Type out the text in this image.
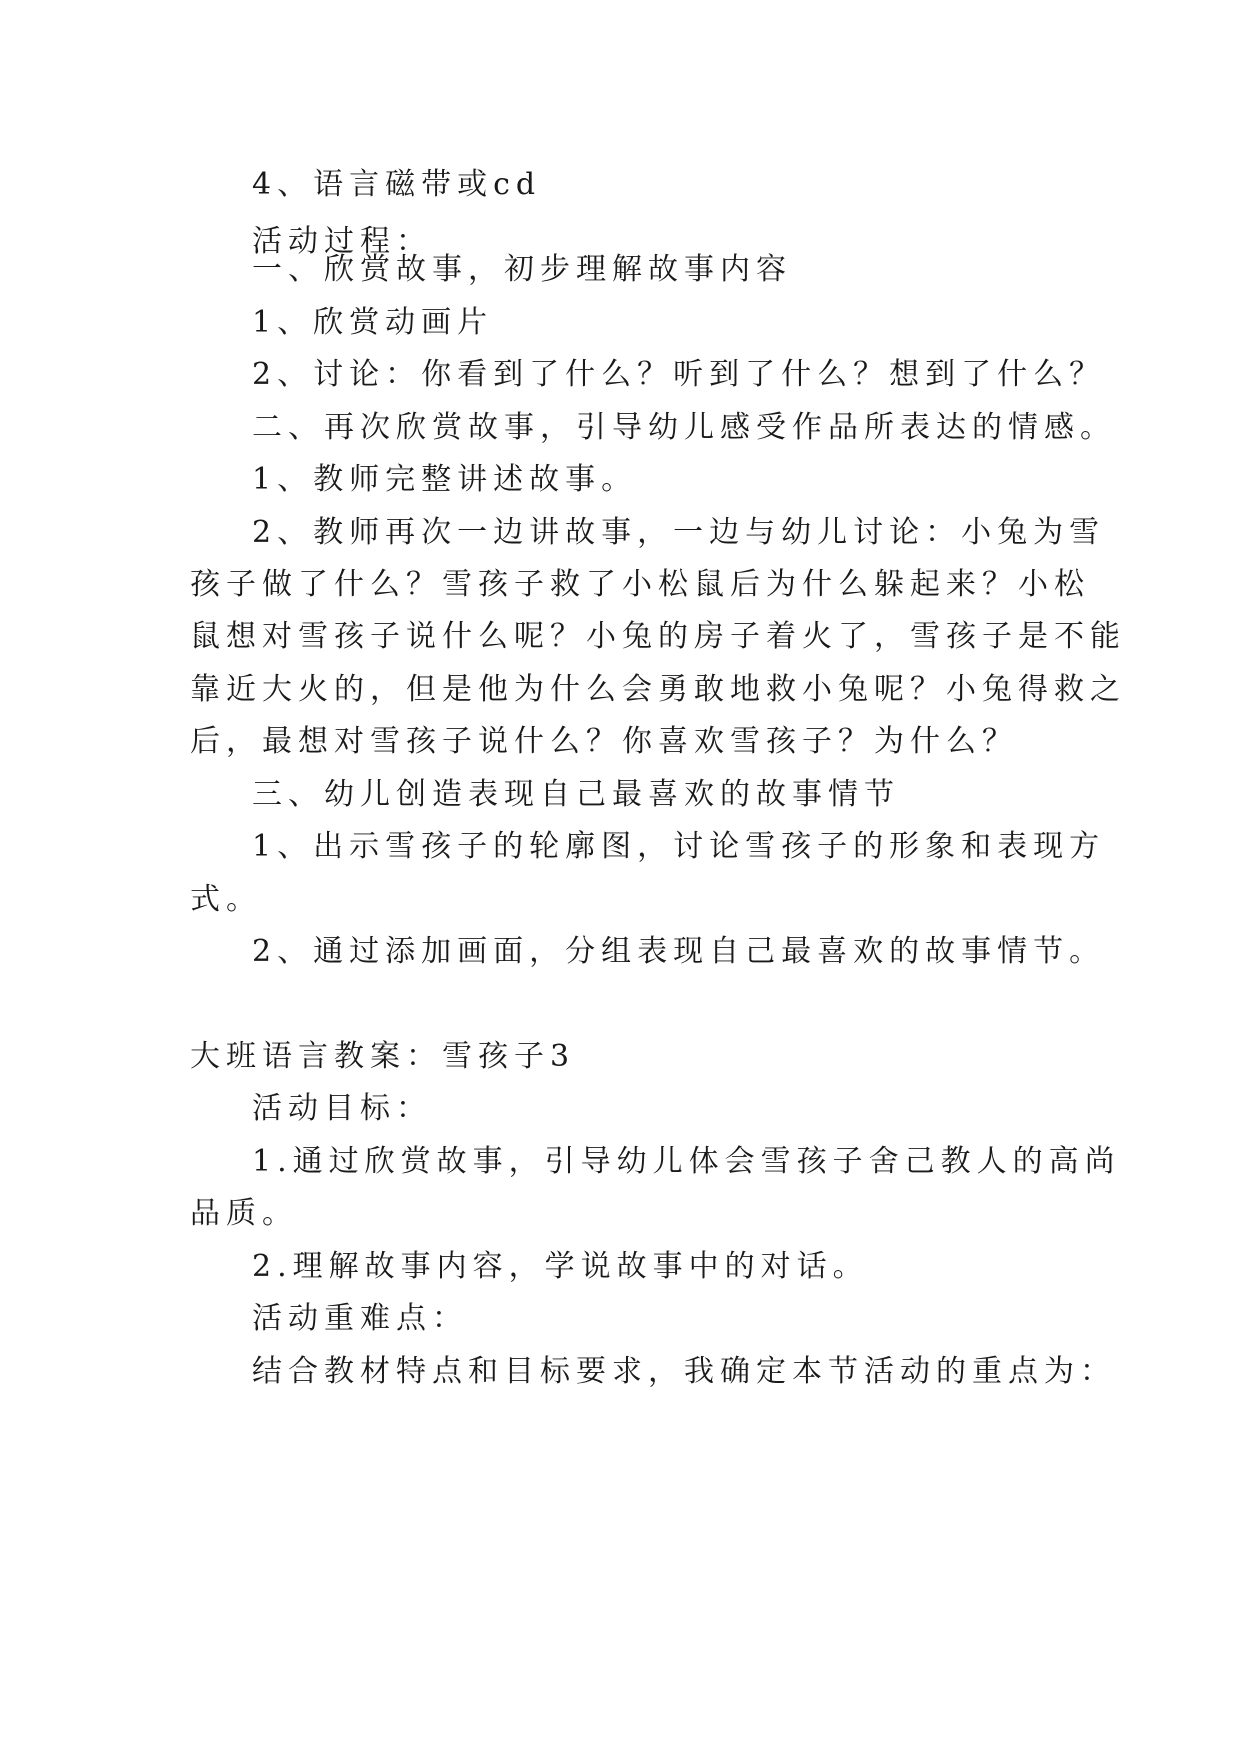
4、语言磁带或cd
活动过程：
一、欣赏故事，初步理解故事内容
1、欣赏动画片
2、讨论：你看到了什么？听到了什么？想到了什么？
二、再次欣赏故事，引导幼儿感受作品所表达的情感。
1、教师完整讲述故事。
2、教师再次一边讲故事，一边与幼儿讨论：小兔为雪
孩子做了什么？雪孩子救了小松鼠后为什么躲起来？小松
鼠想对雪孩子说什么呢？小兔的房子着火了，雪孩子是不能
靠近大火的，但是他为什么会勇敢地救小兔呢？小兔得救之
后，最想对雪孩子说什么？你喜欢雪孩子？为什么？
三、幼儿创造表现自己最喜欢的故事情节
1、出示雪孩子的轮廓图，讨论雪孩子的形象和表现方
式。
2、通过添加画面，分组表现自己最喜欢的故事情节。
大班语言教案：雪孩子3
活动目标：
1.通过欣赏故事，引导幼儿体会雪孩子舍己教人的高尚
品质。
2.理解故事内容，学说故事中的对话。
活动重难点：
结合教材特点和目标要求，我确定本节活动的重点为：
